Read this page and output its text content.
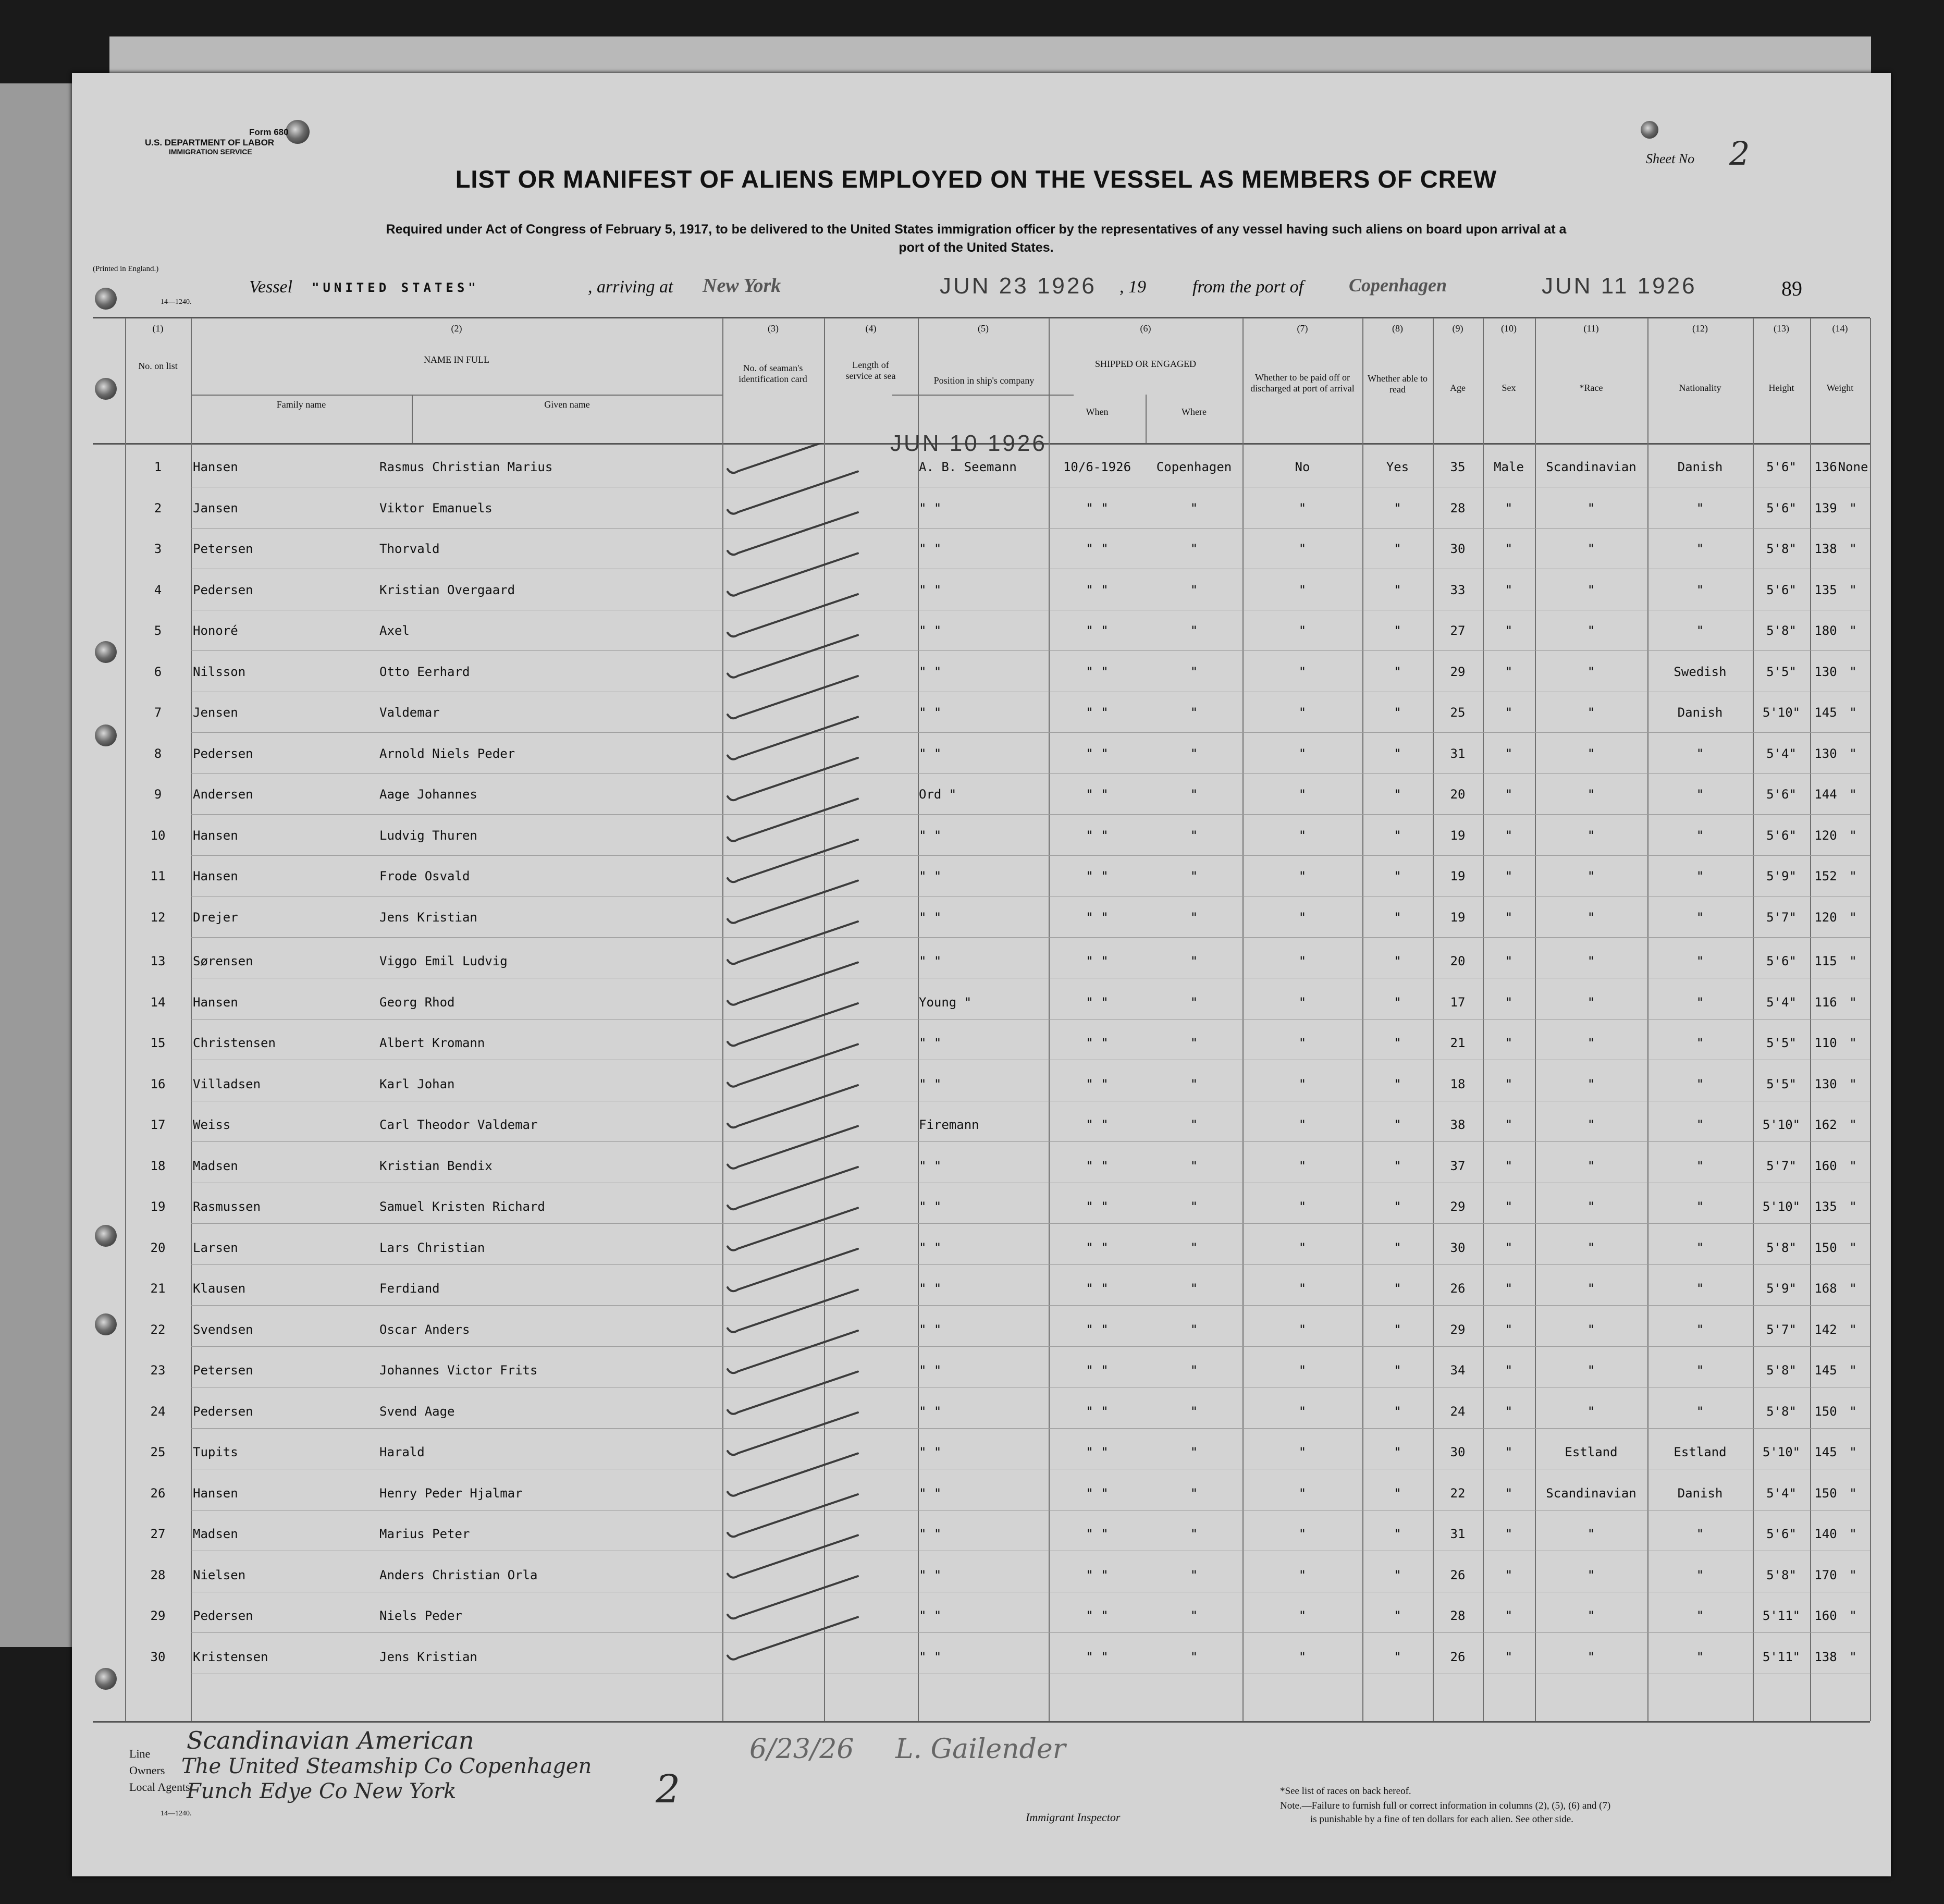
Form 680
U.S. DEPARTMENT OF LABOR
IMMIGRATION SERVICE
(Printed in England.)
14—1240.
Sheet No 2
89
LIST OR MANIFEST OF ALIENS EMPLOYED ON THE VESSEL AS MEMBERS OF CREW
Required under Act of Congress of February 5, 1917, to be delivered to the United States immigration officer by the representatives of any vessel having such aliens on board upon arrival at a
port of the United States.
Vessel "UNITED STATES"	, arriving at New York	JUN 23 1926 , 19	from the port of Copenhagen	JUN 11 1926
(1)
No. on list
(2)
NAME IN FULL
Family name	Given name
(3)
No. of seaman's identification card
(4)
Length of service at sea
(5)
Position in ship's company
(6)
SHIPPED OR ENGAGED
When	Where
(7)
Whether to be paid off or discharged at port of arrival
(8)
Whether able to read
(9)
Age
(10)
Sex
(11)
*Race
(12)
Nationality
(13)
Height
(14)
Weight
JUN 10 1926
1	Hansen	Rasmus Christian Marius	A. B. Seemann	10/6-1926	Copenhagen	No	Yes	35	Male	Scandinavian	Danish	5'6"	136 None
2	Jansen	Viktor Emanuels	" "	" "	"	"	"	28	"	"	"	5'6"	139 "
3	Petersen	Thorvald	" "	" "	"	"	"	30	"	"	"	5'8"	138 "
4	Pedersen	Kristian Overgaard	" "	" "	"	"	"	33	"	"	"	5'6"	135 "
5	Honoré	Axel	" "	" "	"	"	"	27	"	"	"	5'8"	180 "
6	Nilsson	Otto Eerhard	" "	" "	"	"	"	29	"	"	Swedish	5'5"	130 "
7	Jensen	Valdemar	" "	" "	"	"	"	25	"	"	Danish	5'10"	145 "
8	Pedersen	Arnold Niels Peder	" "	" "	"	"	"	31	"	"	"	5'4"	130 "
9	Andersen	Aage Johannes	Ord "	" "	"	"	"	20	"	"	"	5'6"	144 "
10	Hansen	Ludvig Thuren	" "	" "	"	"	"	19	"	"	"	5'6"	120 "
11	Hansen	Frode Osvald	" "	" "	"	"	"	19	"	"	"	5'9"	152 "
12	Drejer	Jens Kristian	" "	" "	"	"	"	19	"	"	"	5'7"	120 "
13	Sørensen	Viggo Emil Ludvig	" "	" "	"	"	"	20	"	"	"	5'6"	115 "
14	Hansen	Georg Rhod	Young "	" "	"	"	"	17	"	"	"	5'4"	116 "
15	Christensen	Albert Kromann	" "	" "	"	"	"	21	"	"	"	5'5"	110 "
16	Villadsen	Karl Johan	" "	" "	"	"	"	18	"	"	"	5'5"	130 "
17	Weiss	Carl Theodor Valdemar	Firemann	" "	"	"	"	38	"	"	"	5'10"	162 "
18	Madsen	Kristian Bendix	" "	" "	"	"	"	37	"	"	"	5'7"	160 "
19	Rasmussen	Samuel Kristen Richard	" "	" "	"	"	"	29	"	"	"	5'10"	135 "
20	Larsen	Lars Christian	" "	" "	"	"	"	30	"	"	"	5'8"	150 "
21	Klausen	Ferdiand	" "	" "	"	"	"	26	"	"	"	5'9"	168 "
22	Svendsen	Oscar Anders	" "	" "	"	"	"	29	"	"	"	5'7"	142 "
23	Petersen	Johannes Victor Frits	" "	" "	"	"	"	34	"	"	"	5'8"	145 "
24	Pedersen	Svend Aage	" "	" "	"	"	"	24	"	"	"	5'8"	150 "
25	Tupits	Harald	" "	" "	"	"	"	30	"	Estland	Estland	5'10"	145 "
26	Hansen	Henry Peder Hjalmar	" "	" "	"	"	"	22	"	Scandinavian	Danish	5'4"	150 "
27	Madsen	Marius Peter	" "	" "	"	"	"	31	"	"	"	5'6"	140 "
28	Nielsen	Anders Christian Orla	" "	" "	"	"	"	26	"	"	"	5'8"	170 "
29	Pedersen	Niels Peder	" "	" "	"	"	"	28	"	"	"	5'11"	160 "
30	Kristensen	Jens Kristian	" "	" "	"	"	"	26	"	"	"	5'11"	138 "
Line
Owners
Local Agents
Scandinavian American
The United Steamship Co Copenhagen
Funch Edye Co New York	2
6/23/26 L. Gailender
Immigrant Inspector
14—1240.
*See list of races on back hereof.
Note.—Failure to furnish full or correct information in columns (2), (5), (6) and (7)
is punishable by a fine of ten dollars for each alien. See other side.
